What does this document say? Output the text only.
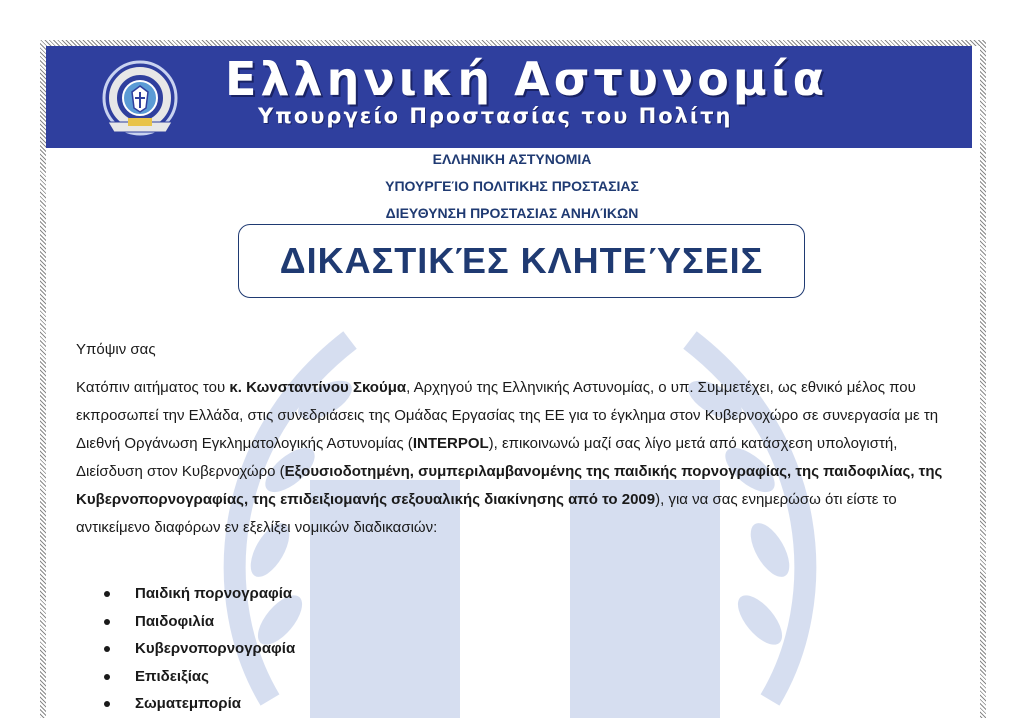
Ελληνική Αστυνομία
Υπουργείο Προστασίας του Πολίτη
ΕΛΛΗΝΙΚΗ ΑΣΤΥΝΟΜΙΑ
ΥΠΟΥΡΓΕΊΟ ΠΟΛΙΤΙΚΗΣ ΠΡΟΣΤΑΣΙΑΣ
ΔΙΕΥΘΥΝΣΗ ΠΡΟΣΤΑΣΙΑΣ ΑΝΗΛΊΚΩΝ
ΔΙΚΑΣΤΙΚΈΣ ΚΛΗΤΕΎΣΕΙΣ
Υπόψιν σας
Κατόπιν αιτήματος του κ. Κωνσταντίνου Σκούμα, Αρχηγού της Ελληνικής Αστυνομίας, ο υπ. Συμμετέχει, ως εθνικό μέλος που εκπροσωπεί την Ελλάδα, στις συνεδριάσεις της Ομάδας Εργασίας της ΕΕ για το έγκλημα στον Κυβερνοχώρο σε συνεργασία με τη Διεθνή Οργάνωση Εγκληματολογικής Αστυνομίας (INTERPOL), επικοινωνώ μαζί σας λίγο μετά από κατάσχεση υπολογιστή, Διείσδυση στον Κυβερνοχώρο (Εξουσιοδοτημένη, συμπεριλαμβανομένης της παιδικής πορνογραφίας, της παιδοφιλίας, της Κυβερνοπορνογραφίας, της επιδειξιομανής σεξουαλικής διακίνησης από το 2009), για να σας ενημερώσω ότι είστε το αντικείμενο διαφόρων εν εξελίξει νομικών διαδικασιών:
Παιδική πορνογραφία
Παιδοφιλία
Κυβερνοπορνογραφία
Επιδειξίας
Σωματεμπορία
